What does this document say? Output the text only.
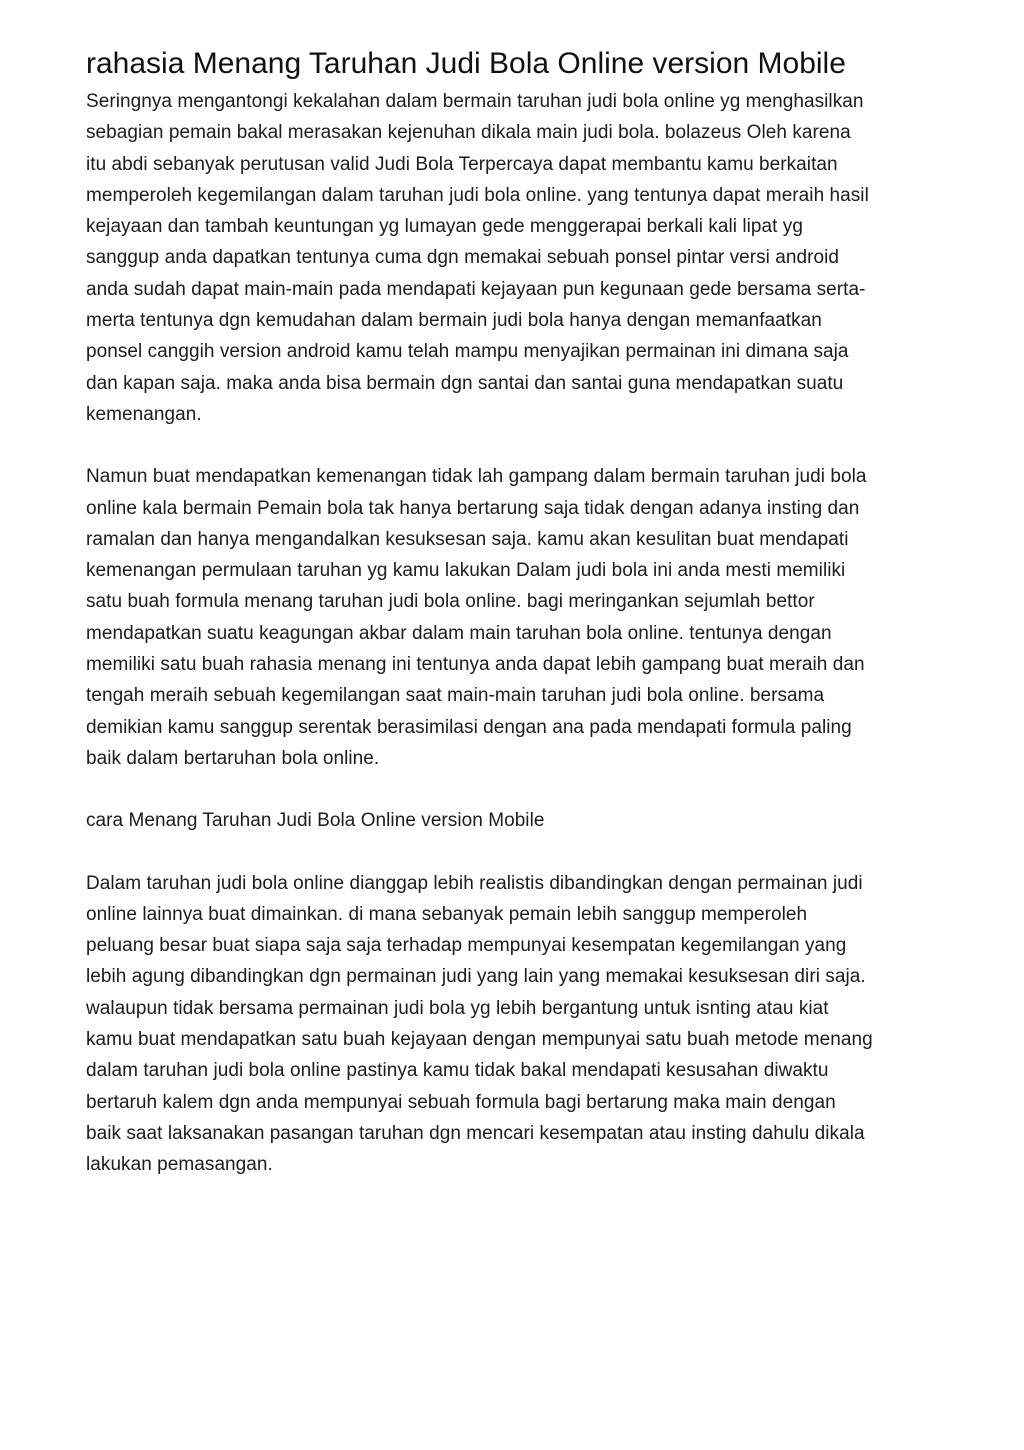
rahasia Menang Taruhan Judi Bola Online version Mobile

Seringnya mengantongi kekalahan dalam bermain taruhan judi bola online yg menghasilkan
sebagian pemain bakal merasakan kejenuhan dikala main judi bola. bolazeus Oleh karena
itu abdi sebanyak perutusan valid Judi Bola Terpercaya dapat membantu kamu berkaitan
memperoleh kegemilangan dalam taruhan judi bola online. yang tentunya dapat meraih hasil
kejayaan dan tambah keuntungan yg lumayan gede menggerapai berkali kali lipat yg
sanggup anda dapatkan tentunya cuma dgn memakai sebuah ponsel pintar versi android
anda sudah dapat main-main pada mendapati kejayaan pun kegunaan gede bersama serta-
merta tentunya dgn kemudahan dalam bermain judi bola hanya dengan memanfaatkan
ponsel canggih version android kamu telah mampu menyajikan permainan ini dimana saja
dan kapan saja. maka anda bisa bermain dgn santai dan santai guna mendapatkan suatu
kemenangan.

Namun buat mendapatkan kemenangan tidak lah gampang dalam bermain taruhan judi bola
online kala bermain Pemain bola tak hanya bertarung saja tidak dengan adanya insting dan
ramalan dan hanya mengandalkan kesuksesan saja. kamu akan kesulitan buat mendapati
kemenangan permulaan taruhan yg kamu lakukan Dalam judi bola ini anda mesti memiliki
satu buah formula menang taruhan judi bola online. bagi meringankan sejumlah bettor
mendapatkan suatu keagungan akbar dalam main taruhan bola online. tentunya dengan
memiliki satu buah rahasia menang ini tentunya anda dapat lebih gampang buat meraih dan
tengah meraih sebuah kegemilangan saat main-main taruhan judi bola online. bersama
demikian kamu sanggup serentak berasimilasi dengan ana pada mendapati formula paling
baik dalam bertaruhan bola online.

cara Menang Taruhan Judi Bola Online version Mobile

Dalam taruhan judi bola online dianggap lebih realistis dibandingkan dengan permainan judi
online lainnya buat dimainkan. di mana sebanyak pemain lebih sanggup memperoleh
peluang besar buat siapa saja saja terhadap mempunyai kesempatan kegemilangan yang
lebih agung dibandingkan dgn permainan judi yang lain yang memakai kesuksesan diri saja.
walaupun tidak bersama permainan judi bola yg lebih bergantung untuk isnting atau kiat
kamu buat mendapatkan satu buah kejayaan dengan mempunyai satu buah metode menang
dalam taruhan judi bola online pastinya kamu tidak bakal mendapati kesusahan diwaktu
bertaruh kalem dgn anda mempunyai sebuah formula bagi bertarung maka main dengan
baik saat laksanakan pasangan taruhan dgn mencari kesempatan atau insting dahulu dikala
lakukan pemasangan.
